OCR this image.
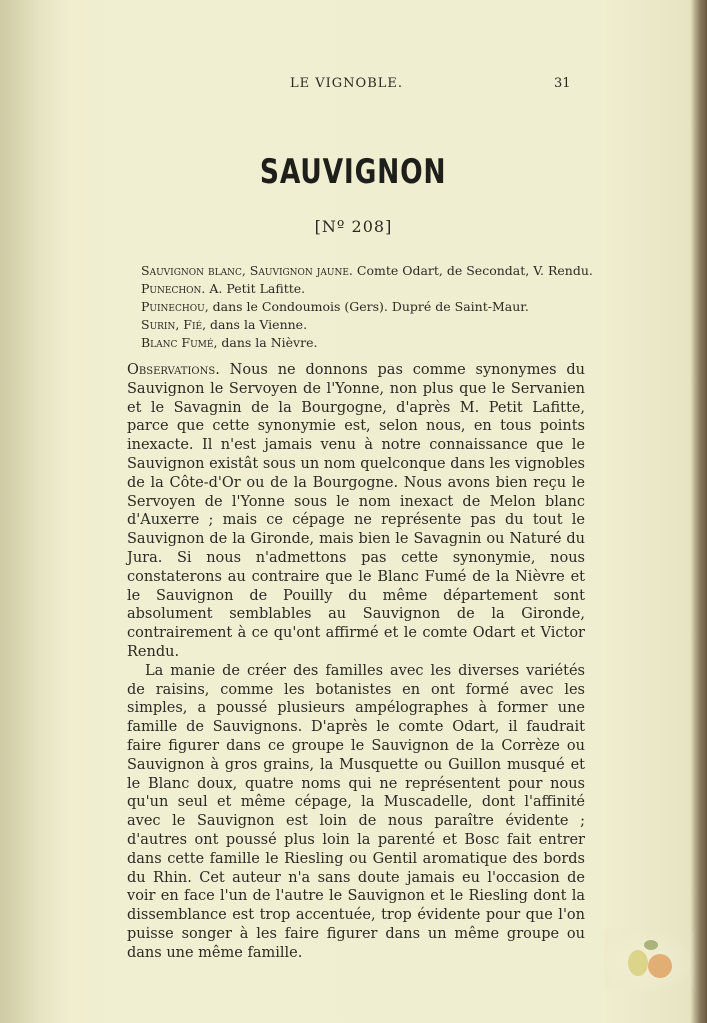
LE VIGNOBLE.	31
SAUVIGNON
[Nº 208]
Sauvignon blanc, Sauvignon jaune. Comte Odart, de Secondat, V. Rendu.
Punechon. A. Petit Lafitte.
Puinechou, dans le Condoumois (Gers). Dupré de Saint-Maur.
Surin, Fié, dans la Vienne.
Blanc Fumé, dans la Nièvre.

Observations. Nous ne donnons pas comme synonymes du Sauvignon le Servoyen de l'Yonne, non plus que le Servanien et le Savagnin de la Bourgogne, d'après M. Petit Lafitte, parce que cette synonymie est, selon nous, en tous points inexacte. Il n'est jamais venu à notre connaissance que le Sauvignon existât sous un nom quelconque dans les vignobles de la Côte-d'Or ou de la Bourgogne. Nous avons bien reçu le Servoyen de l'Yonne sous le nom inexact de Melon blanc d'Auxerre ; mais ce cépage ne représente pas du tout le Sauvignon de la Gironde, mais bien le Savagnin ou Naturé du Jura. Si nous n'admettons pas cette synonymie, nous constaterons au contraire que le Blanc Fumé de la Nièvre et le Sauvignon de Pouilly du même département sont absolument semblables au Sauvignon de la Gironde, contrairement à ce qu'ont affirmé et le comte Odart et Victor Rendu.

La manie de créer des familles avec les diverses variétés de raisins, comme les botanistes en ont formé avec les simples, a poussé plusieurs ampélographes à former une famille de Sauvignons. D'après le comte Odart, il faudrait faire figurer dans ce groupe le Sauvignon de la Corrèze ou Sauvignon à gros grains, la Musquette ou Guillon musqué et le Blanc doux, quatre noms qui ne représentent pour nous qu'un seul et même cépage, la Muscadelle, dont l'affinité avec le Sauvignon est loin de nous paraître évidente ; d'autres ont poussé plus loin la parenté et Bosc fait entrer dans cette famille le Riesling ou Gentil aromatique des bords du Rhin. Cet auteur n'a sans doute jamais eu l'occasion de voir en face l'un de l'autre le Sauvignon et le Riesling dont la dissemblance est trop accentuée, trop évidente pour que l'on puisse songer à les faire figurer dans un même groupe ou dans une même famille.
